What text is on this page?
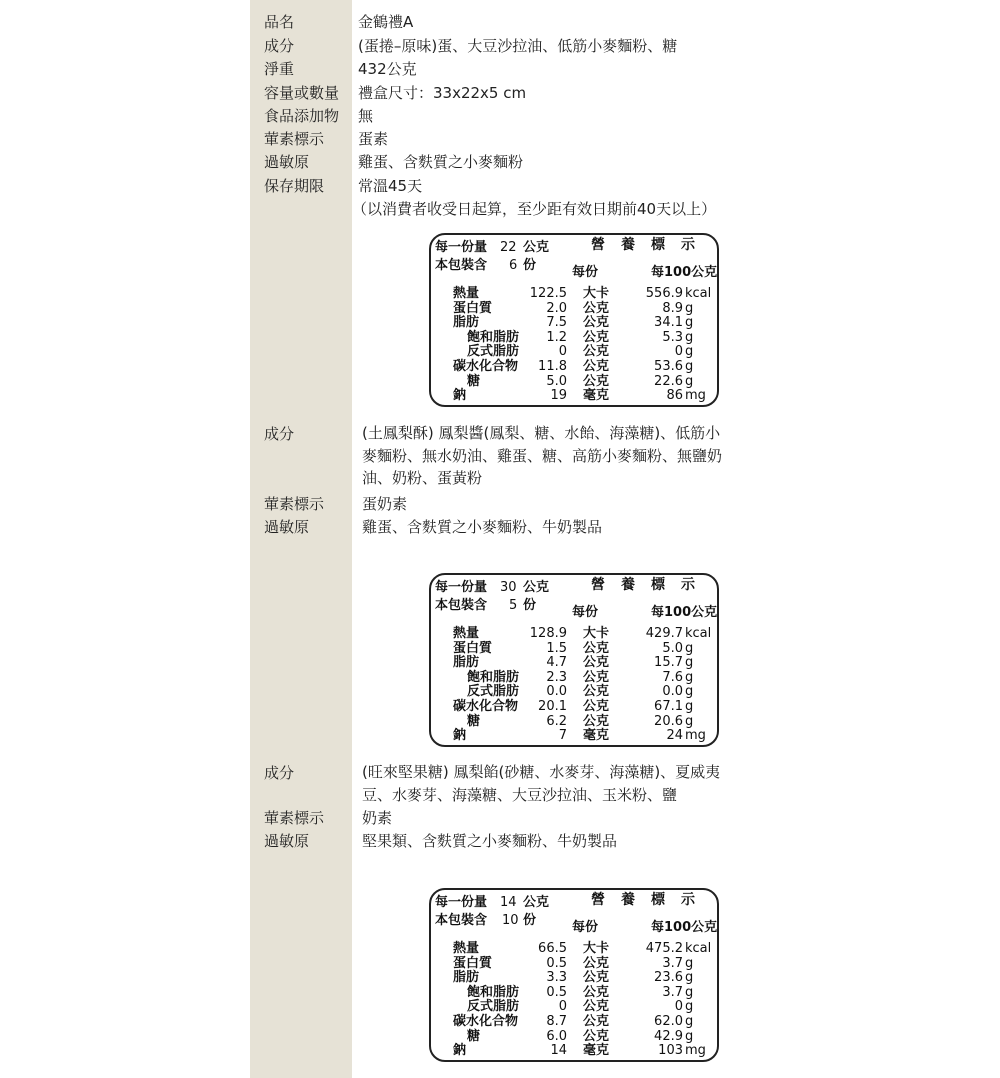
品名	金鶴禮A
成分	(蛋捲–原味)蛋、大豆沙拉油、低筋小麥麵粉、糖
淨重	432公克
容量或數量 禮盒尺寸：33x22x5 cm
食品添加物 無
葷素標示 蛋素
過敏原	雞蛋、含麩質之小麥麵粉
保存期限 常溫45天
（以消費者收受日起算，至少距有效日期前40天以上）
每一份量 22 公克	營　養　標　示
本包裝含 6 份	每份	每100公克
熱量	122.5 大卡	556.9 kcal
蛋白質	2.0 公克	8.9 g
脂肪	7.5 公克	34.1 g
飽和脂肪 1.2 公克	5.3 g
反式脂肪	0 公克	0 g
碳水化合物 11.8 公克	53.6 g
糖	5.0 公克	22.6 g
鈉	19 毫克	86 mg
成分	(土鳳梨酥) 鳳梨醬(鳳梨、糖、水飴、海藻糖)、低筋小
麥麵粉、無水奶油、雞蛋、糖、高筋小麥麵粉、無鹽奶
油、奶粉、蛋黃粉
葷素標示	蛋奶素
過敏原	雞蛋、含麩質之小麥麵粉、牛奶製品
每一份量 30 公克	營　養　標　示
本包裝含 5 份	每份	每100公克
熱量	128.9 大卡	429.7 kcal
蛋白質	1.5 公克	5.0 g
脂肪	4.7 公克	15.7 g
飽和脂肪 2.3 公克	7.6 g
反式脂肪 0.0 公克	0.0 g
碳水化合物 20.1 公克	67.1 g
糖	6.2 公克	20.6 g
鈉	7 毫克	24 mg
成分	(旺來堅果糖) 鳳梨餡(砂糖、水麥芽、海藻糖)、夏威夷
豆、水麥芽、海藻糖、大豆沙拉油、玉米粉、鹽
葷素標示	奶素
過敏原	堅果類、含麩質之小麥麵粉、牛奶製品
每一份量 14 公克	營　養　標　示
本包裝含 10 份	每份	每100公克
熱量	66.5 大卡	475.2 kcal
蛋白質	0.5 公克	3.7 g
脂肪	3.3 公克	23.6 g
飽和脂肪 0.5 公克	3.7 g
反式脂肪	0 公克	0 g
碳水化合物 8.7 公克	62.0 g
糖	6.0 公克	42.9 g
鈉	14 毫克	103 mg
